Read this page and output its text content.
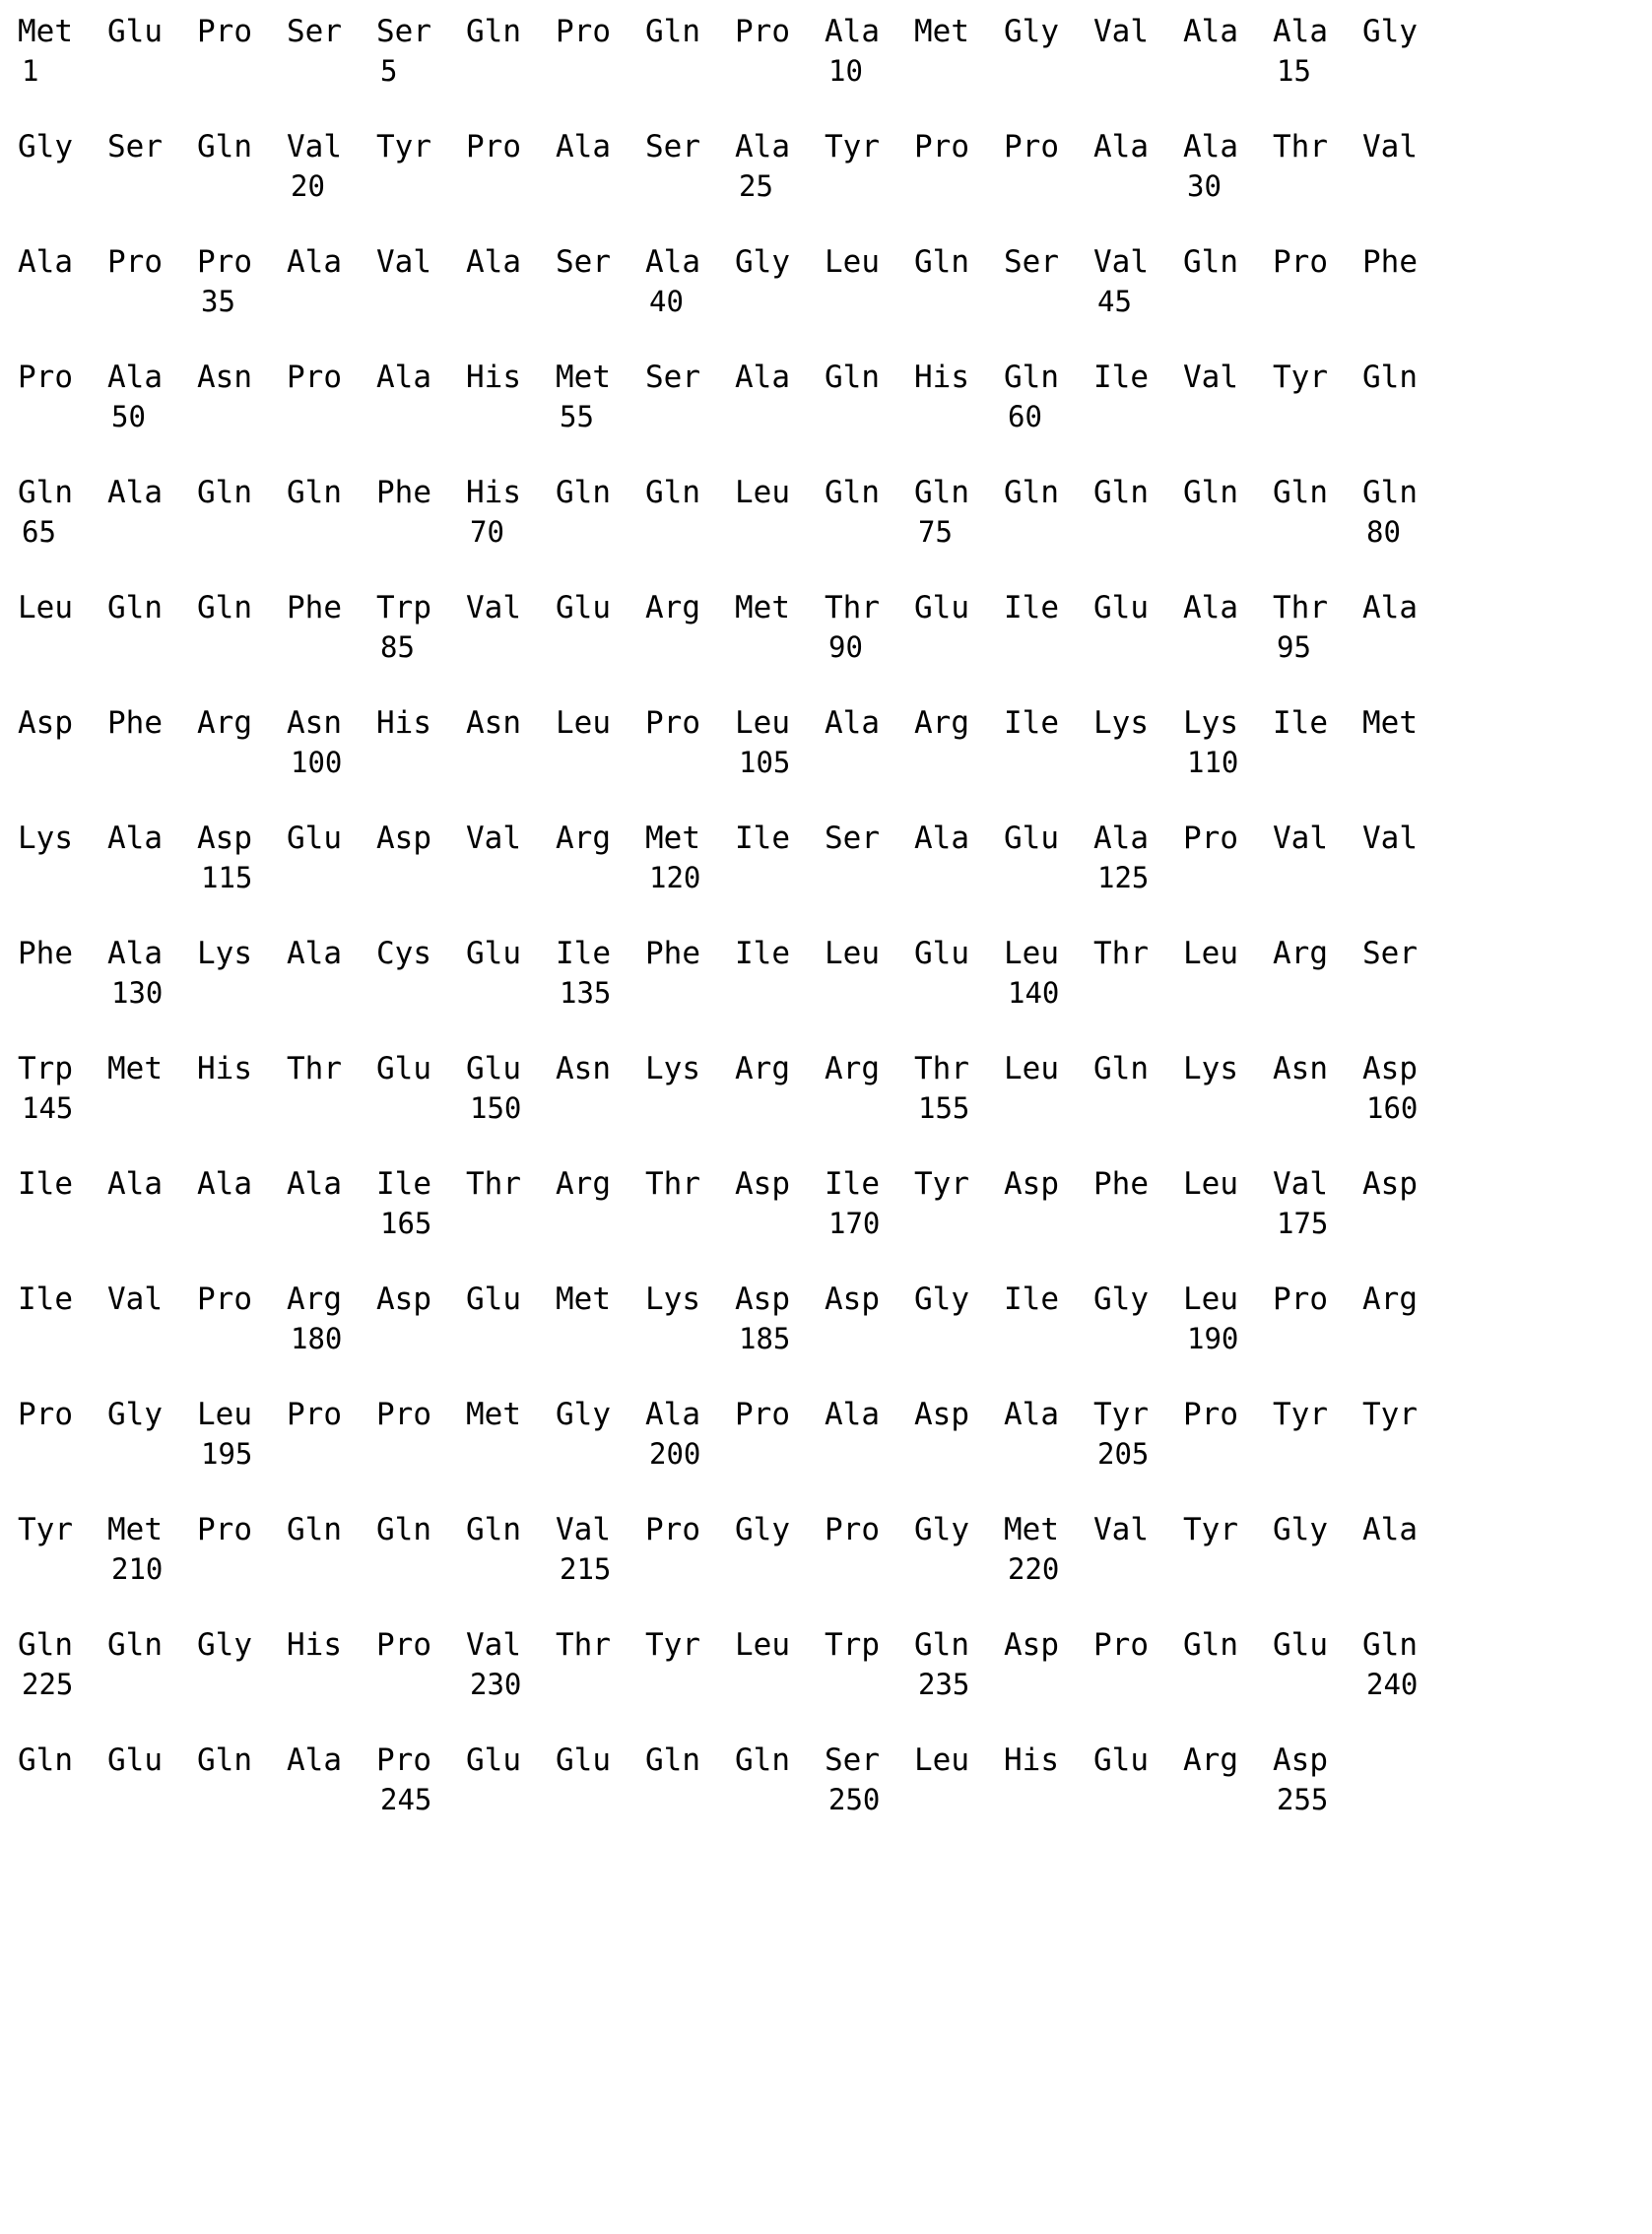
Met
1
Glu Pro Ser Ser
5
Gln Pro Gln Pro Ala
10
Met Gly Val Ala Ala
15
Gly
Gly Ser Gln Val
20
Tyr Pro Ala Ser Ala
25
Tyr Pro Pro Ala Ala
30
Thr Val
Ala Pro Pro
35
Ala Val Ala Ser Ala
40
Gly Leu Gln Ser Val
45
Gln Pro Phe
Pro Ala
50
Asn Pro Ala His Met
55
Ser Ala Gln His Gln
60
Ile Val Tyr Gln
Gln
65
Ala Gln Gln Phe His
70
Gln Gln Leu Gln Gln
75
Gln Gln Gln Gln Gln
80
Leu Gln Gln Phe Trp
85
Val Glu Arg Met Thr
90
Glu Ile Glu Ala Thr
95
Ala
Asp Phe Arg Asn
100
His Asn Leu Pro Leu
105
Ala Arg Ile Lys Lys
110
Ile Met
Lys Ala Asp
115
Glu Asp Val Arg Met
120
Ile Ser Ala Glu Ala
125
Pro Val Val
Phe Ala
130
Lys Ala Cys Glu Ile
135
Phe Ile Leu Glu Leu
140
Thr Leu Arg Ser
Trp
145
Met His Thr Glu Glu
150
Asn Lys Arg Arg Thr
155
Leu Gln Lys Asn Asp
160
Ile Ala Ala Ala Ile
165
Thr Arg Thr Asp Ile
170
Tyr Asp Phe Leu Val
175
Asp
Ile Val Pro Arg
180
Asp Glu Met Lys Asp
185
Asp Gly Ile Gly Leu
190
Pro Arg
Pro Gly Leu
195
Pro Pro Met Gly Ala
200
Pro Ala Asp Ala Tyr
205
Pro Tyr Tyr
Tyr Met
210
Pro Gln Gln Gln Val
215
Pro Gly Pro Gly Met
220
Val Tyr Gly Ala
Gln
225
Gln Gly His Pro Val
230
Thr Tyr Leu Trp Gln
235
Asp Pro Gln Glu Gln
240
Gln Glu Gln Ala Pro
245
Glu Glu Gln Gln Ser
250
Leu His Glu Arg Asp
255
